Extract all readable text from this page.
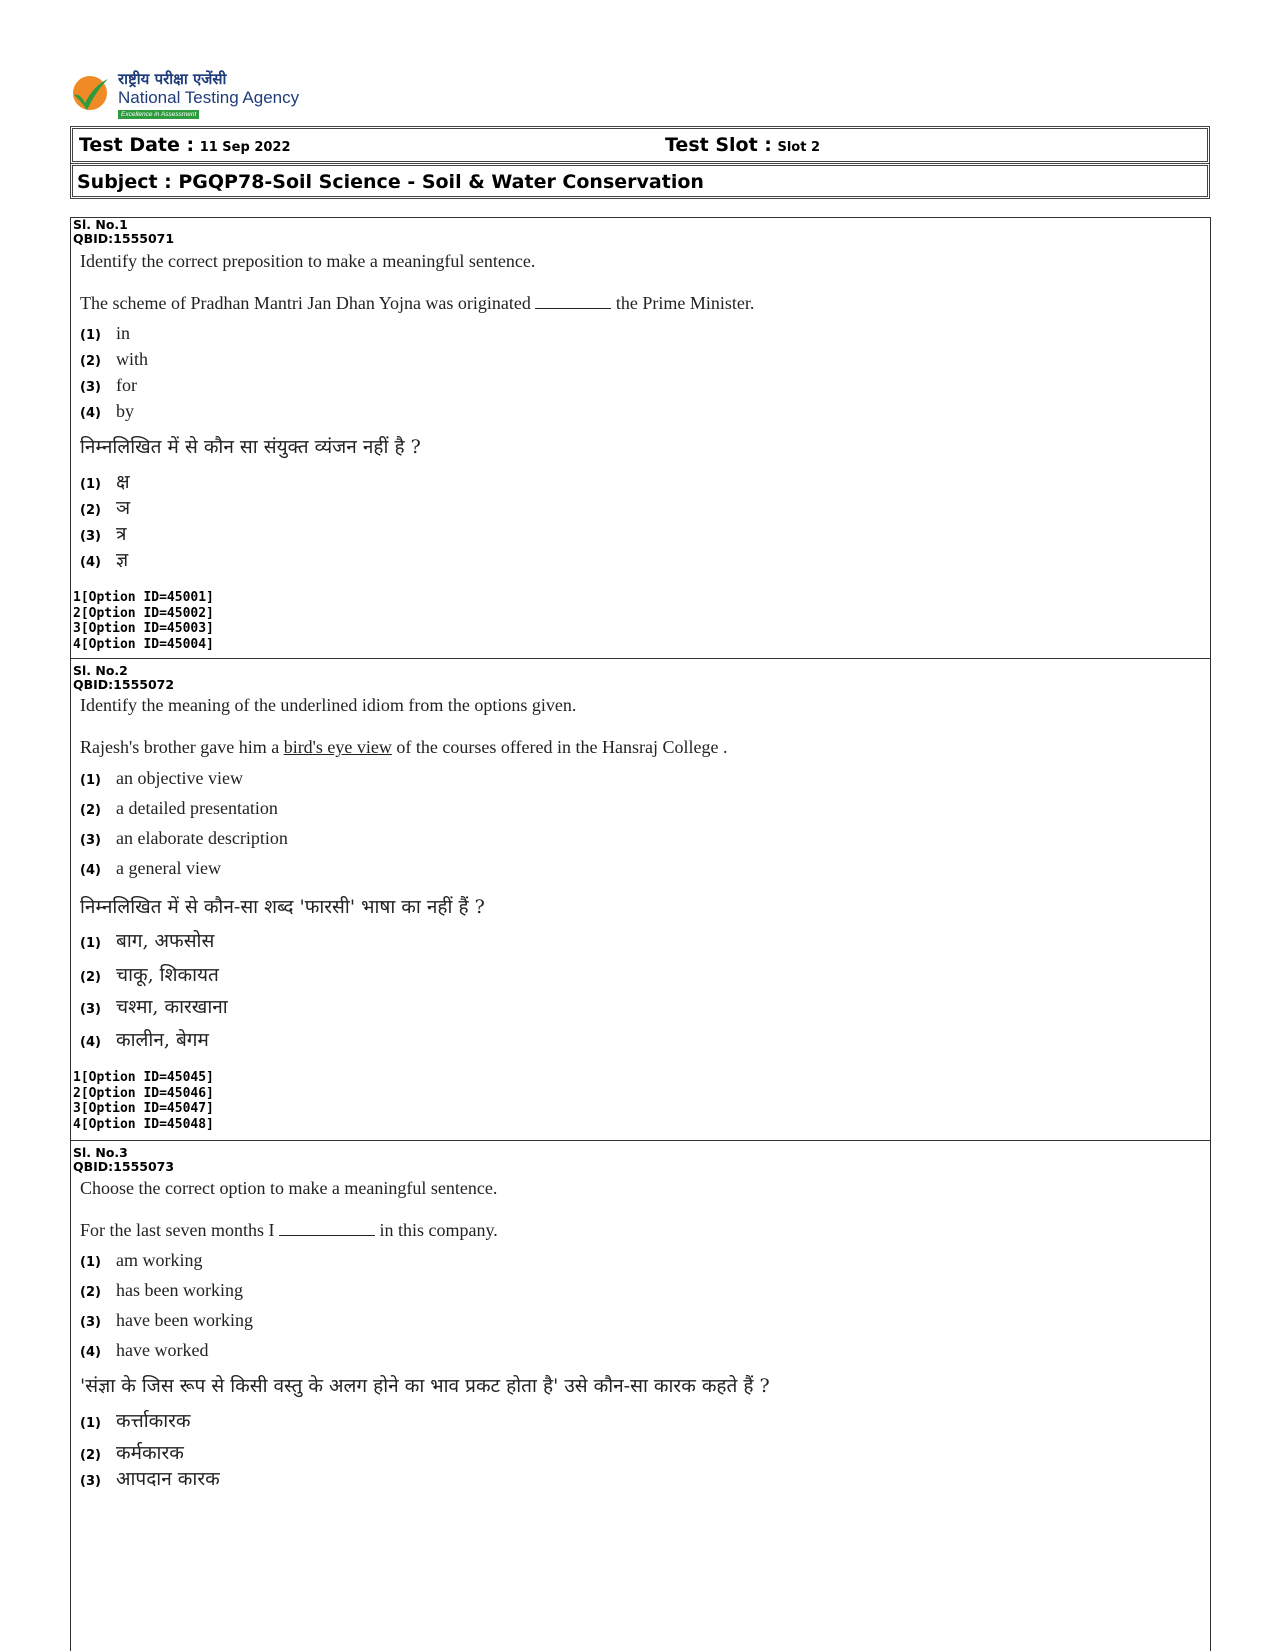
राष्ट्रीय परीक्षा एजेंसी
National Testing Agency
Excellence in Assessment
Test Date : 11 Sep 2022	Test Slot : Slot 2
Subject : PGQP78-Soil Science - Soil & Water Conservation
Sl. No.1
QBID:1555071
Identify the correct preposition to make a meaningful sentence.
The scheme of Pradhan Mantri Jan Dhan Yojna was originated	the Prime Minister.
(1) in
(2) with
(3) for
(4) by
निम्नलिखित में से कौन सा संयुक्त व्यंजन नहीं है ?
(1) क्ष
(2) ञ
(3) त्र
(4) ज्ञ
1[Option ID=45001]
2[Option ID=45002]
3[Option ID=45003]
4[Option ID=45004]
Sl. No.2
QBID:1555072
Identify the meaning of the underlined idiom from the options given.
Rajesh's brother gave him a bird's eye view of the courses offered in the Hansraj College .
(1) an objective view
(2) a detailed presentation
(3) an elaborate description
(4) a general view
निम्नलिखित में से कौन-सा शब्द 'फारसी' भाषा का नहीं हैं ?
(1) बाग, अफसोस
(2) चाकू, शिकायत
(3) चश्मा, कारखाना
(4) कालीन, बेगम
1[Option ID=45045]
2[Option ID=45046]
3[Option ID=45047]
4[Option ID=45048]
Sl. No.3
QBID:1555073
Choose the correct option to make a meaningful sentence.
For the last seven months I	in this company.
(1) am working
(2) has been working
(3) have been working
(4) have worked
'संज्ञा के जिस रूप से किसी वस्तु के अलग होने का भाव प्रकट होता है' उसे कौन-सा कारक कहते हैं ?
(1) कर्त्ताकारक
(2) कर्मकारक
(3) आपदान कारक
